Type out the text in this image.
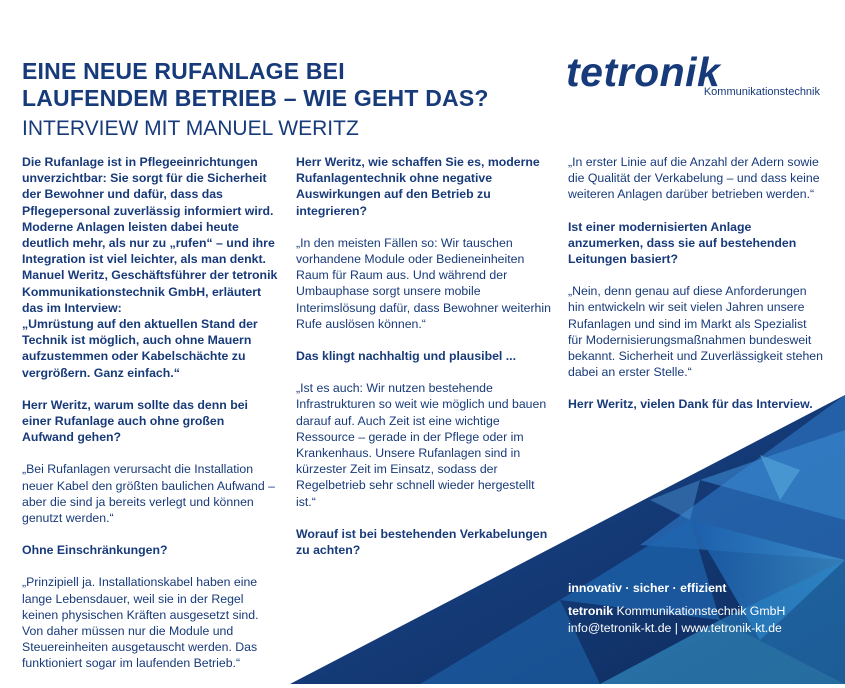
EINE NEUE RUFANLAGE BEI
LAUFENDEM BETRIEB – WIE GEHT DAS?
INTERVIEW MIT MANUEL WERITZ
tetronik
Kommunikationstechnik

Die Rufanlage ist in Pflegeeinrichtungen unverzichtbar: Sie sorgt für die Sicherheit der Bewohner und dafür, dass das Pflegepersonal zuverlässig informiert wird. Moderne Anlagen leisten dabei heute deutlich mehr, als nur zu „rufen“ – und ihre Integration ist viel leichter, als man denkt. Manuel Weritz, Geschäftsführer der tetronik Kommunikationstechnik GmbH, erläutert das im Interview:

„Umrüstung auf den aktuellen Stand der Technik ist möglich, auch ohne Mauern aufzustemmen oder Kabelschächte zu vergrößern. Ganz einfach.“

Herr Weritz, warum sollte das denn bei einer Rufanlage auch ohne großen Aufwand gehen?

„Bei Rufanlagen verursacht die Installation neuer Kabel den größten baulichen Aufwand – aber die sind ja bereits verlegt und können genutzt werden.“

Ohne Einschränkungen?

„Prinzipiell ja. Installationskabel haben eine lange Lebensdauer, weil sie in der Regel keinen physischen Kräften ausgesetzt sind. Von daher müssen nur die Module und Steuereinheiten ausgetauscht werden. Das funktioniert sogar im laufenden Betrieb.“

Herr Weritz, wie schaffen Sie es, moderne Rufanlagentechnik ohne negative Auswirkungen auf den Betrieb zu integrieren?

„In den meisten Fällen so: Wir tauschen vorhandene Module oder Bedieneinheiten Raum für Raum aus. Und während der Umbauphase sorgt unsere mobile Interimslösung dafür, dass Bewohner weiterhin Rufe auslösen können.“

Das klingt nachhaltig und plausibel ...

„Ist es auch: Wir nutzen bestehende Infrastrukturen so weit wie möglich und bauen darauf auf. Auch Zeit ist eine wichtige Ressource – gerade in der Pflege oder im Krankenhaus. Unsere Rufanlagen sind in kürzester Zeit im Einsatz, sodass der Regelbetrieb sehr schnell wieder hergestellt ist.“

Worauf ist bei bestehenden Verkabelungen zu achten?

„In erster Linie auf die Anzahl der Adern sowie die Qualität der Verkabelung – und dass keine weiteren Anlagen darüber betrieben werden.“

Ist einer modernisierten Anlage anzumerken, dass sie auf bestehenden Leitungen basiert?

„Nein, denn genau auf diese Anforderungen hin entwickeln wir seit vielen Jahren unsere Rufanlagen und sind im Markt als Spezialist für Modernisierungsmaßnahmen bundesweit bekannt. Sicherheit und Zuverlässigkeit stehen dabei an erster Stelle.“

Herr Weritz, vielen Dank für das Interview.

innovativ · sicher · effizient
tetronik Kommunikationstechnik GmbH
info@tetronik-kt.de | www.tetronik-kt.de
